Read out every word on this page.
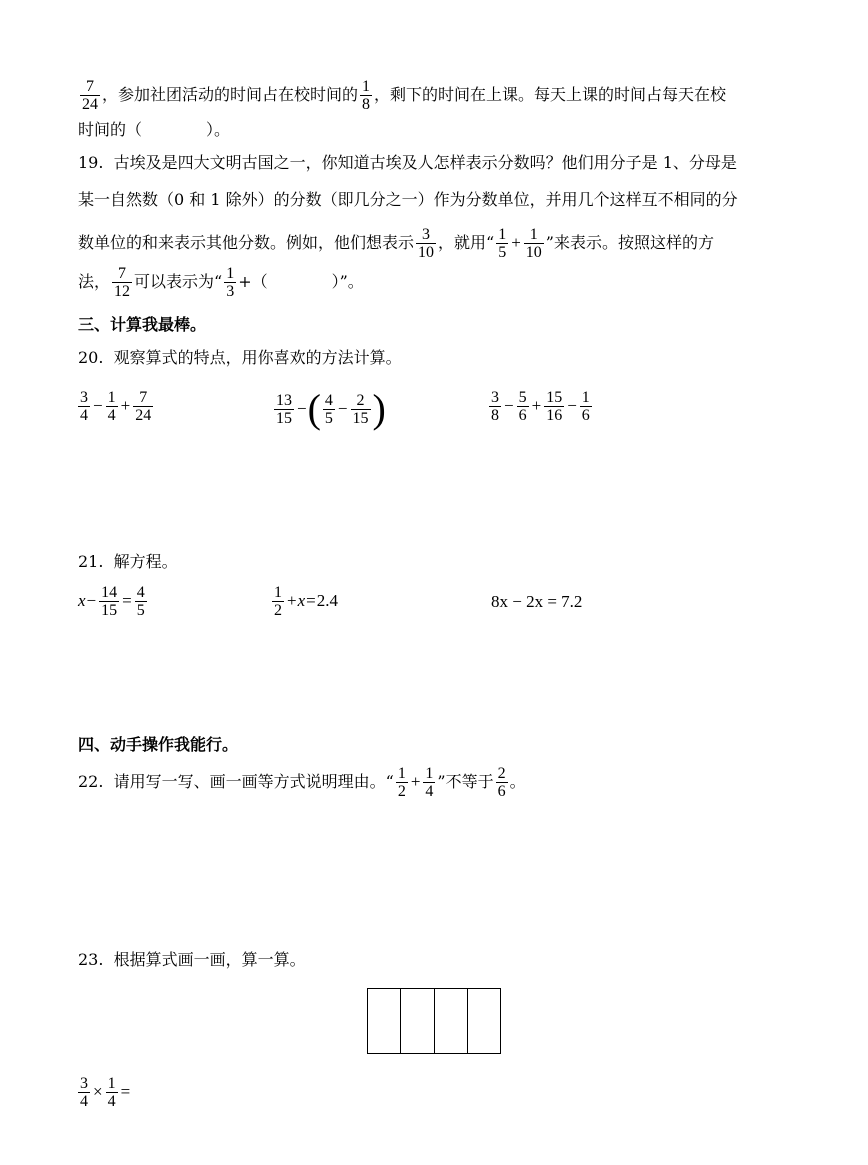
$\frac{7}{24}$ ，参加社团活动的时间占在校时间的 $\frac{1}{8}$ ，剩下的时间在上课。每天上课的时间占每天在校
时间的（　　　　）。
19. 古埃及是四大文明古国之一，你知道古埃及人怎样表示分数吗？他们用分子是 1、分母是
某一自然数（0 和 1 除外）的分数（即几分之一）作为分数单位，并用几个这样互不相同的分
数单位的和来表示其他分数。例如，他们想表示 $\frac{3}{10}$ ，就用“ $\frac{1}{5} + \frac{1}{10}$ ”来表示。按照这样的方
法， $\frac{7}{12}$ 可以表示为“ $\frac{1}{3}$ +（　　　　）”。
三、计算我最棒。
20. 观察算式的特点，用你喜欢的方法计算。
$\frac{3}{4} - \frac{1}{4} + \frac{7}{24}$	$\frac{13}{15}$ −( $\frac{4}{5} - \frac{2}{15}$ )	$\frac{3}{8} - \frac{5}{6} + \frac{15}{16} - \frac{1}{6}$
21. 解方程。
$x- \frac{14}{15} = \frac{4}{5}$	$\frac{1}{2} +x=2.4$	8x − 2x = 7.2
四、动手操作我能行。
22. 请用写一写、画一画等方式说明理由。“ $\frac{1}{2} + \frac{1}{4}$ ”不等于 $\frac{2}{6}$ 。
23. 根据算式画一画，算一算。
$\frac{3}{4} \times \frac{1}{4}$ =
